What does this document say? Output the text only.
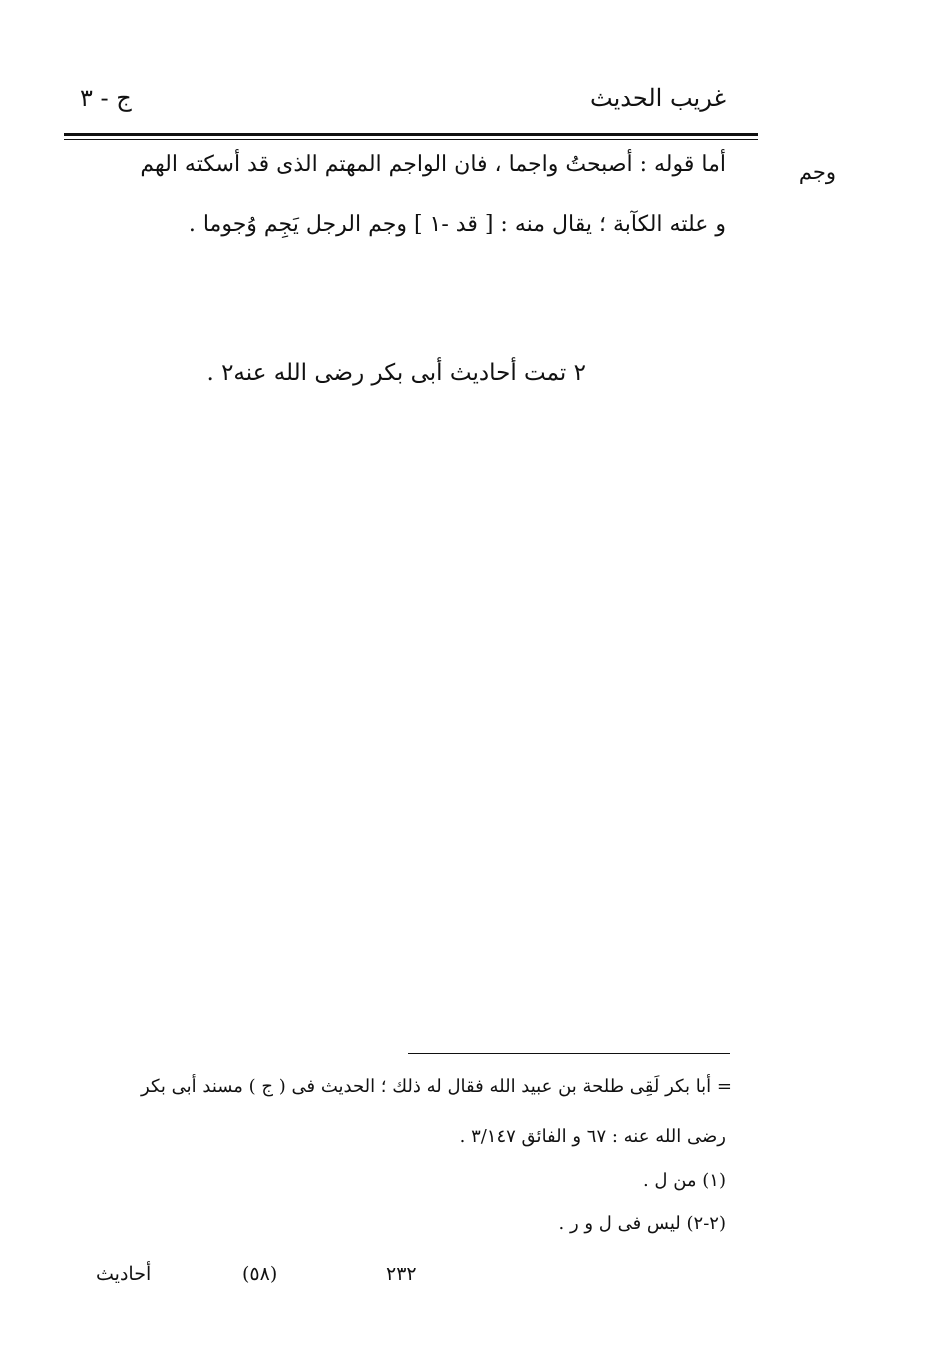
غريب الحديث
ج - ٣
وجم
أما قوله : أصبحتُ واجما ، فان الواجم المهتم الذى قد أسكته الهم
و علته الكآبة ؛ يقال منه : [ قد -١ ] وجم الرجل يَجِم وُجوما .
٢ تمت أحاديث أبى بكر رضى الله عنه٢ .
= أبا بكر لَقِى طلحة بن عبيد الله فقال له ذلك ؛ الحديث فى ( ج ) مسند أبى بكر
رضى الله عنه : ٦٧ و الفائق ٣/١٤٧ .
(١) من ل .
(٢-٢) ليس فى ل و ر .
أحاديث	(٥٨)	٢٣٢
